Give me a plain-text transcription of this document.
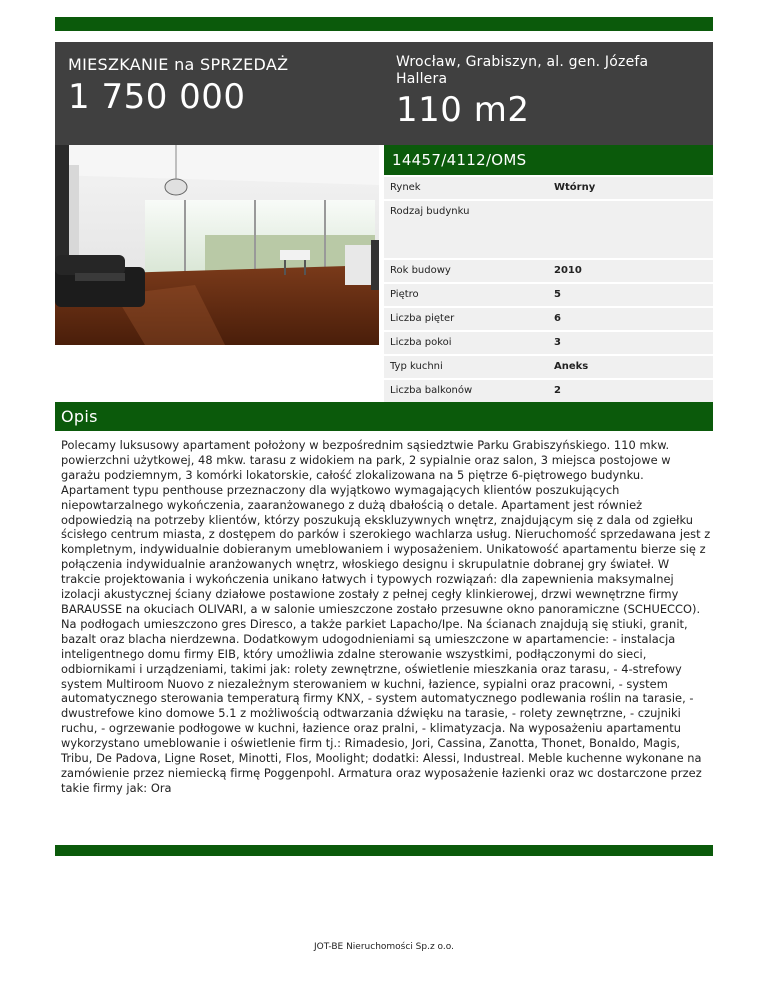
MIESZKANIE na SPRZEDAŻ
1 750 000
Wrocław, Grabiszyn, al. gen. Józefa Hallera
110 m2
14457/4112/OMS
Rynek	Wtórny
Rodzaj budynku
Rok budowy	2010
Piętro	5
Liczba pięter	6
Liczba pokoi	3
Typ kuchni	Aneks
Liczba balkonów	2
Opis

Polecamy luksusowy apartament położony w bezpośrednim sąsiedztwie Parku Grabiszyńskiego. 110 mkw. powierzchni użytkowej, 48 mkw. tarasu z widokiem na park, 2 sypialnie oraz salon, 3 miejsca postojowe w garażu podziemnym, 3 komórki lokatorskie, całość zlokalizowana na 5 piętrze 6-piętrowego budynku. Apartament typu penthouse przeznaczony dla wyjątkowo wymagających klientów poszukujących niepowtarzalnego wykończenia, zaaranżowanego z dużą dbałością o detale. Apartament jest również odpowiedzią na potrzeby klientów, którzy poszukują ekskluzywnych wnętrz, znajdującym się z dala od zgiełku ścisłego centrum miasta, z dostępem do parków i szerokiego wachlarza usług. Nieruchomość sprzedawana jest z kompletnym, indywidualnie dobieranym umeblowaniem i wyposażeniem. Unikatowość apartamentu bierze się z połączenia indywidualnie aranżowanych wnętrz, włoskiego designu i skrupulatnie dobranej gry świateł. W trakcie projektowania i wykończenia unikano łatwych i typowych rozwiązań: dla zapewnienia maksymalnej izolacji akustycznej ściany działowe postawione zostały z pełnej cegły klinkierowej, drzwi wewnętrzne firmy BARAUSSE na okuciach OLIVARI, a w salonie umieszczone zostało przesuwne okno panoramiczne (SCHUECCO). Na podłogach umieszczono gres Diresco, a także parkiet Lapacho/Ipe. Na ścianach znajdują się stiuki, granit, bazalt oraz blacha nierdzewna. Dodatkowym udogodnieniami są umieszczone w apartamencie: - instalacja inteligentnego domu firmy EIB, który umożliwia zdalne sterowanie wszystkimi, podłączonymi do sieci, odbiornikami i urządzeniami, takimi jak: rolety zewnętrzne, oświetlenie mieszkania oraz tarasu, - 4-strefowy system Multiroom Nuovo z niezależnym sterowaniem w kuchni, łazience, sypialni oraz pracowni, - system automatycznego sterowania temperaturą firmy KNX, - system automatycznego podlewania roślin na tarasie, - dwustrefowe kino domowe 5.1 z możliwością odtwarzania dźwięku na tarasie, - rolety zewnętrzne, - czujniki ruchu, - ogrzewanie podłogowe w kuchni, łazience oraz pralni, - klimatyzacja. Na wyposażeniu apartamentu wykorzystano umeblowanie i oświetlenie firm tj.: Rimadesio, Jori, Cassina, Zanotta, Thonet, Bonaldo, Magis, Tribu, De Padova, Ligne Roset, Minotti, Flos, Moolight; dodatki: Alessi, Industreal. Meble kuchenne wykonane na zamówienie przez niemiecką firmę Poggenpohl. Armatura oraz wyposażenie łazienki oraz wc dostarczone przez takie firmy jak: Ora

JOT-BE Nieruchomości Sp.z o.o.
